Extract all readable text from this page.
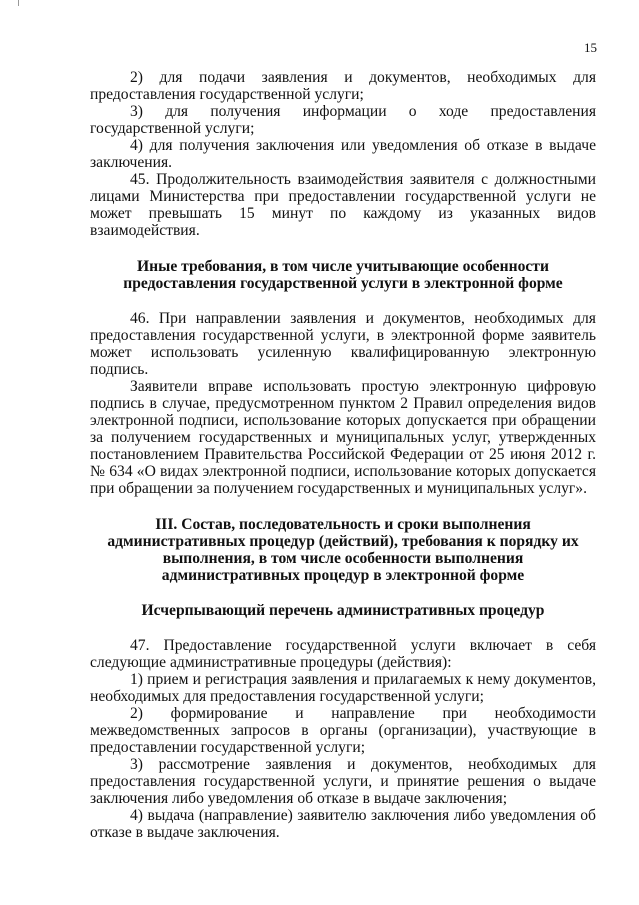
15

2) для подачи заявления и документов, необходимых для предоставления государственной услуги;

3) для получения информации о ходе предоставления государственной услуги;

4) для получения заключения или уведомления об отказе в выдаче заключения.

45. Продолжительность взаимодействия заявителя с должностными лицами Министерства при предоставлении государственной услуги не может превышать 15 минут по каждому из указанных видов взаимодействия.

Иные требования, в том числе учитывающие особенности предоставления государственной услуги в электронной форме

46. При направлении заявления и документов, необходимых для предоставления государственной услуги, в электронной форме заявитель может использовать усиленную квалифицированную электронную подпись.

Заявители вправе использовать простую электронную цифровую подпись в случае, предусмотренном пунктом 2 Правил определения видов электронной подписи, использование которых допускается при обращении за получением государственных и муниципальных услуг, утвержденных постановлением Правительства Российской Федерации от 25 июня 2012 г. № 634 «О видах электронной подписи, использование которых допускается при обращении за получением государственных и муниципальных услуг».

III. Состав, последовательность и сроки выполнения административных процедур (действий), требования к порядку их выполнения, в том числе особенности выполнения административных процедур в электронной форме
Исчерпывающий перечень административных процедур

47. Предоставление государственной услуги включает в себя следующие административные процедуры (действия):

1) прием и регистрация заявления и прилагаемых к нему документов, необходимых для предоставления государственной услуги;

2) формирование и направление при необходимости межведомственных запросов в органы (организации), участвующие в предоставлении государственной услуги;

3) рассмотрение заявления и документов, необходимых для предоставления государственной услуги, и принятие решения о выдаче заключения либо уведомления об отказе в выдаче заключения;

4) выдача (направление) заявителю заключения либо уведомления об отказе в выдаче заключения.
